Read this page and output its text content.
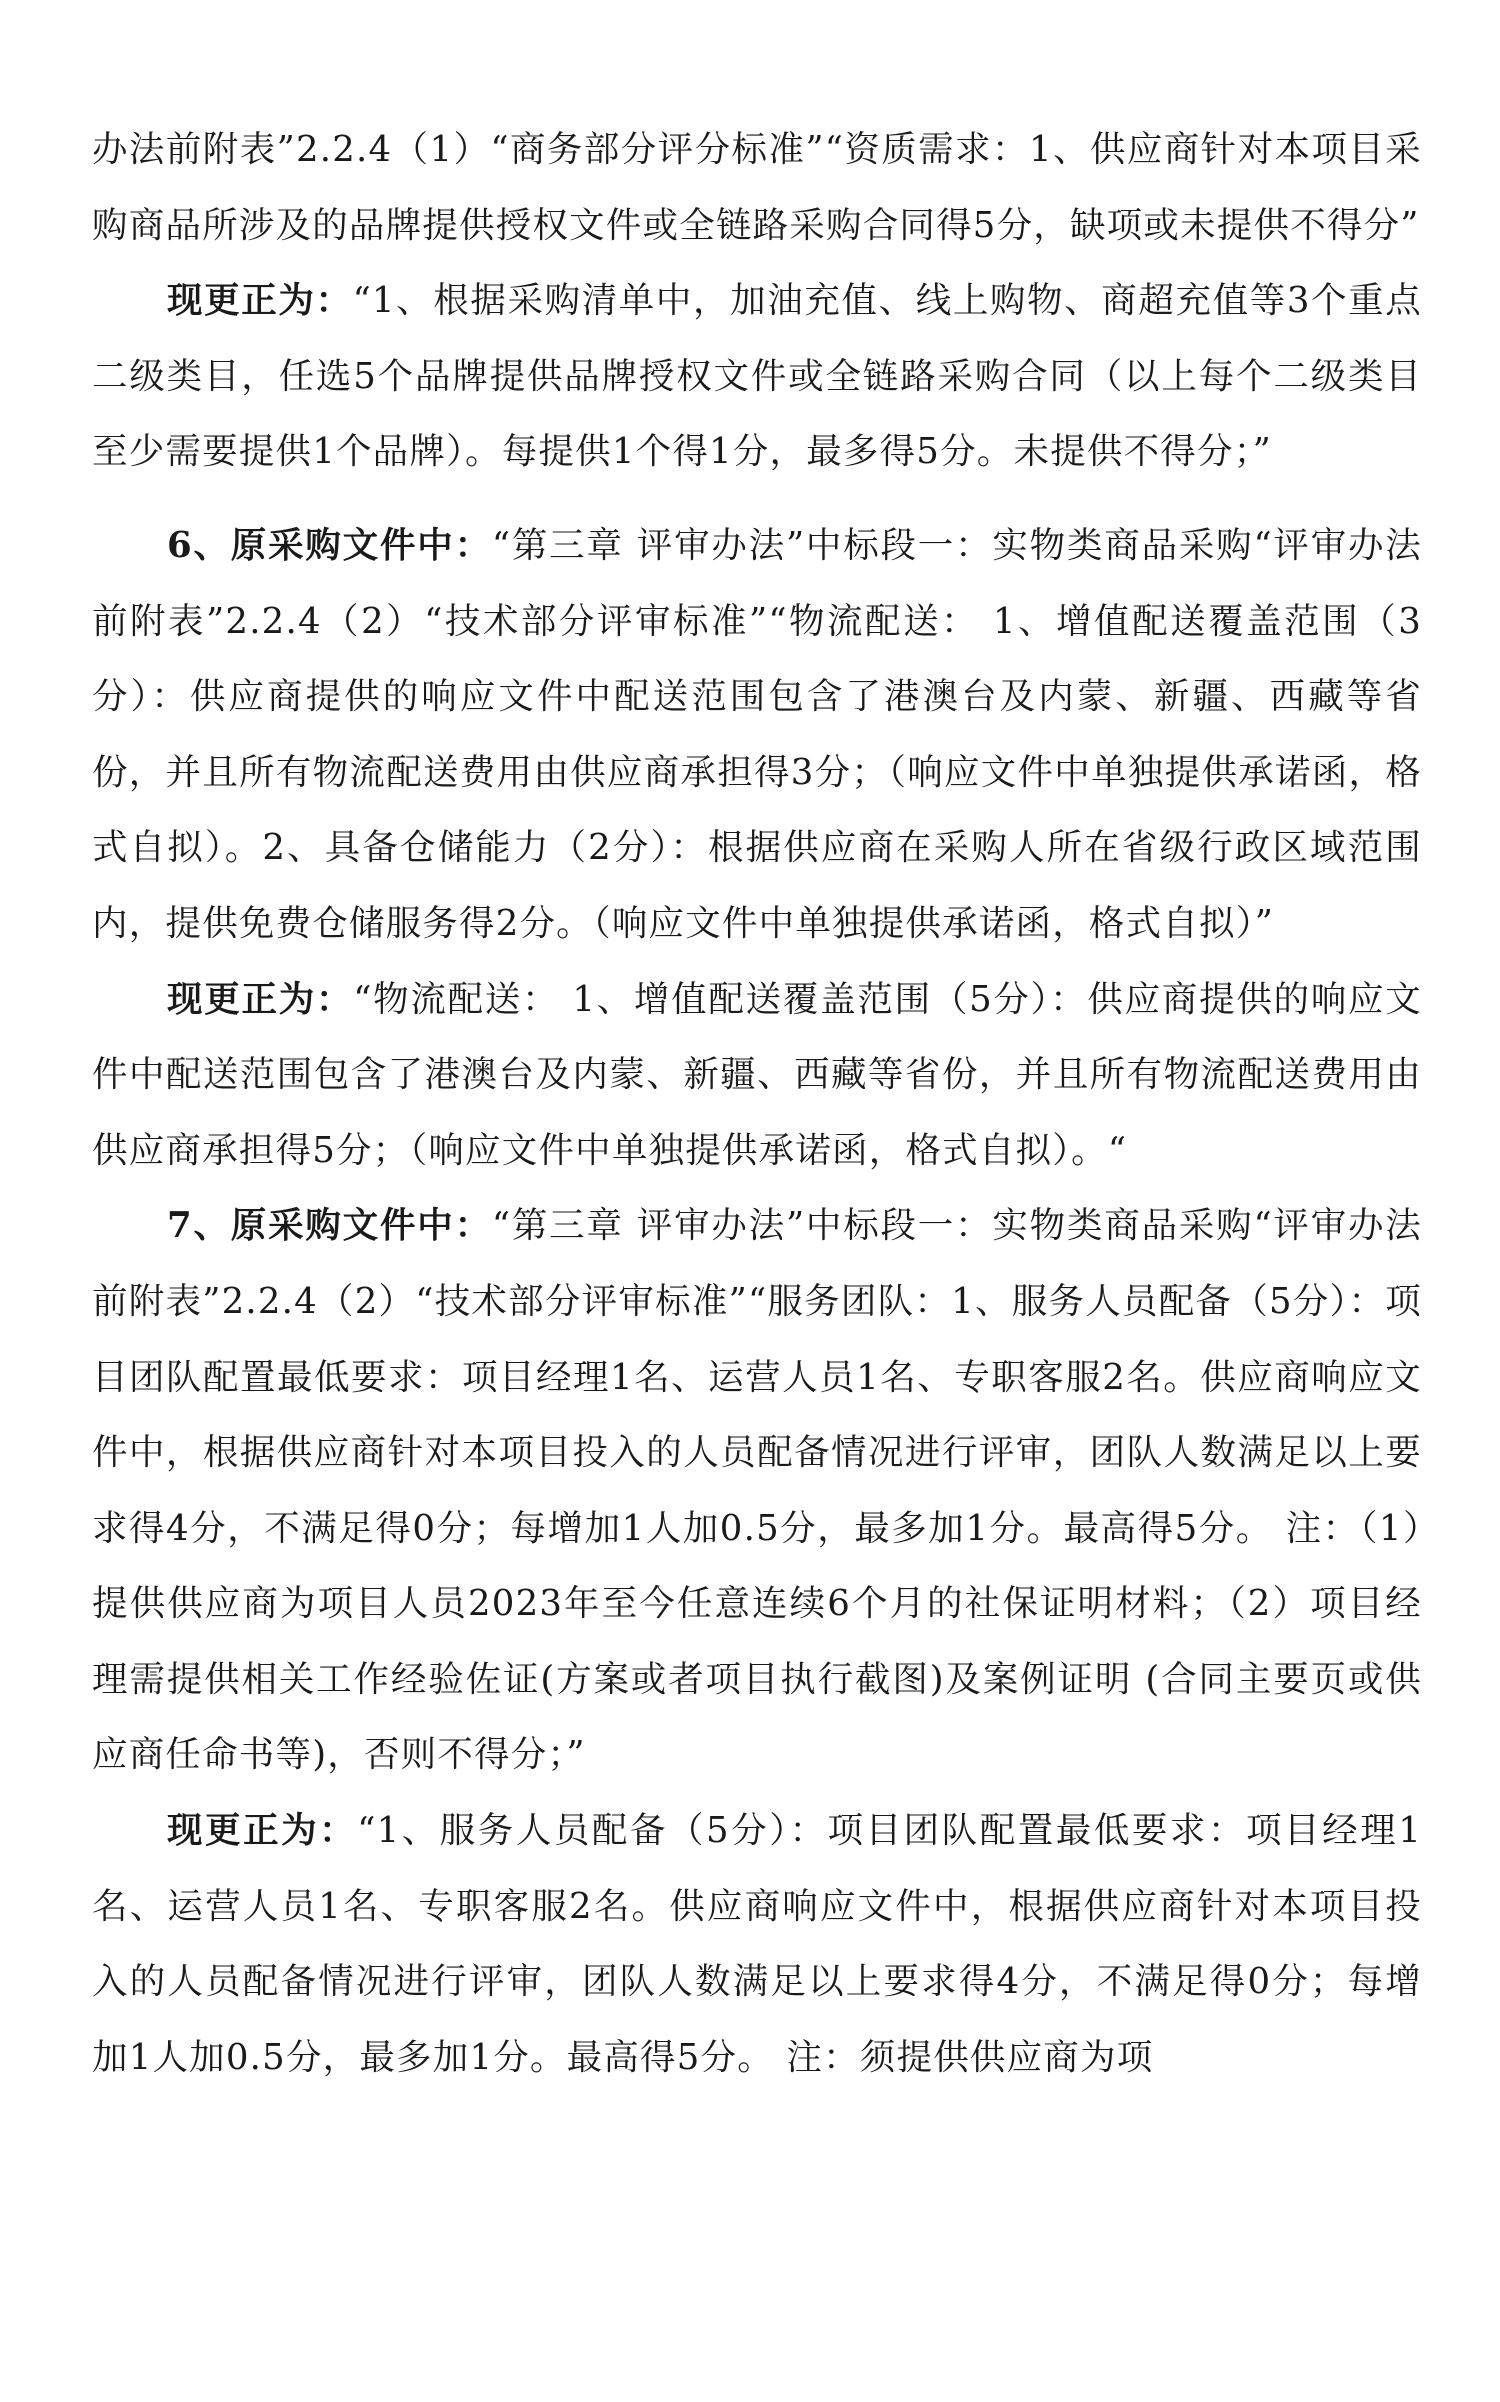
办法前附表”2.2.4（1）“商务部分评分标准”“资质需求：1、供应商针对本项目采购商品所涉及的品牌提供授权文件或全链路采购合同得5分，缺项或未提供不得分”

现更正为：“1、根据采购清单中，加油充值、线上购物、商超充值等3个重点二级类目，任选5个品牌提供品牌授权文件或全链路采购合同（以上每个二级类目至少需要提供1个品牌）。每提供1个得1分，最多得5分。未提供不得分；”

6、原采购文件中：“第三章 评审办法”中标段一：实物类商品采购“评审办法前附表”2.2.4（2）“技术部分评审标准”“物流配送： 1、增值配送覆盖范围（3分）：供应商提供的响应文件中配送范围包含了港澳台及内蒙、新疆、西藏等省份，并且所有物流配送费用由供应商承担得3分；（响应文件中单独提供承诺函，格式自拟）。2、具备仓储能力（2分）：根据供应商在采购人所在省级行政区域范围内，提供免费仓储服务得2分。（响应文件中单独提供承诺函，格式自拟）”

现更正为：“物流配送： 1、增值配送覆盖范围（5分）：供应商提供的响应文件中配送范围包含了港澳台及内蒙、新疆、西藏等省份，并且所有物流配送费用由供应商承担得5分；（响应文件中单独提供承诺函，格式自拟）。“

7、原采购文件中：“第三章 评审办法”中标段一：实物类商品采购“评审办法前附表”2.2.4（2）“技术部分评审标准”“服务团队：1、服务人员配备（5分）：项目团队配置最低要求：项目经理1名、运营人员1名、专职客服2名。供应商响应文件中，根据供应商针对本项目投入的人员配备情况进行评审，团队人数满足以上要求得4分，不满足得0分；每增加1人加0.5分，最多加1分。最高得5分。 注：（1）提供供应商为项目人员2023年至今任意连续6个月的社保证明材料；（2）项目经理需提供相关工作经验佐证(方案或者项目执行截图)及案例证明 (合同主要页或供应商任命书等)，否则不得分；”

现更正为：“1、服务人员配备（5分）：项目团队配置最低要求：项目经理1名、运营人员1名、专职客服2名。供应商响应文件中，根据供应商针对本项目投入的人员配备情况进行评审，团队人数满足以上要求得4分，不满足得0分；每增加1人加0.5分，最多加1分。最高得5分。 注：须提供供应商为项
